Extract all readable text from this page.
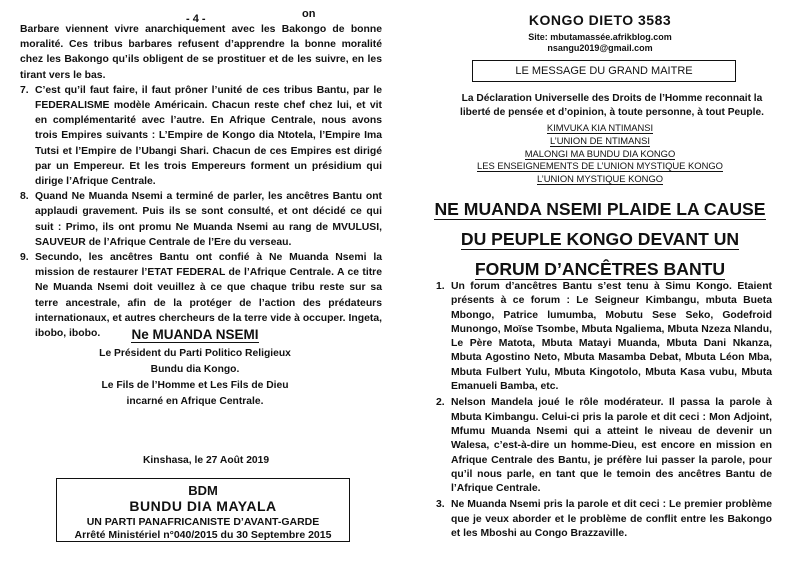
- 4 -	on

Barbare viennent vivre anarchiquement avec les Bakongo de bonne moralité. Ces tribus barbares refusent d’apprendre la bonne moralité chez les Bakongo qu’ils obligent de se prostituer et de les suivre, en les tirant vers le bas.

7. C’est qu’il faut faire, il faut prôner l’unité de ces tribus Bantu, par le FEDERALISME modèle Américain. Chacun reste chef chez lui, et vit en complémentarité avec l’autre. En Afrique Centrale, nous avons trois Empires suivants : L’Empire de Kongo dia Ntotela, l’Empire Ima Tutsi et l’Empire de l’Ubangi Shari. Chacun de ces Empires est dirigé par un Empereur. Et les trois Empereurs forment un présidium qui dirige l’Afrique Centrale.
8. Quand Ne Muanda Nsemi a terminé de parler, les ancêtres Bantu ont applaudi gravement. Puis ils se sont consulté, et ont décidé ce qui suit : Primo, ils ont promu Ne Muanda Nsemi au rang de MVULUSI, SAUVEUR de l’Afrique Centrale de l’Ere du verseau.
9. Secundo, les ancêtres Bantu ont confié à Ne Muanda Nsemi la mission de restaurer l’ETAT FEDERAL de l’Afrique Centrale. A ce titre Ne Muanda Nsemi doit veuillez à ce que chaque tribu reste sur sa terre ancestrale, afin de la protéger de l’action des prédateurs internationaux, et autres chercheurs de la terre vide à occuper. Ingeta, ibobo, ibobo.	Ne MUANDA NSEMI
Le Président du Parti Politico Religieux
Bundu dia Kongo.
Le Fils de l’Homme et Les Fils de Dieu
incarné en Afrique Centrale.
Kinshasa, le 27 Août 2019
BDM
BUNDU DIA MAYALA
UN PARTI PANAFRICANISTE D’AVANT-GARDE
Arrêté Ministériel n°040/2015 du 30 Septembre 2015
KONGO DIETO 3583
Site: mbutamassée.afrikblog.com
nsangu2019@gmail.com
LE MESSAGE DU GRAND MAITRE
La Déclaration Universelle des Droits de l’Homme reconnait la liberté de pensée et d’opinion, à toute personne, à tout Peuple.
KIMVUKA KIA NTIMANSI
L’UNION DE NTIMANSI
MALONGI MA BUNDU DIA KONGO
LES ENSEIGNEMENTS DE L’UNION MYSTIQUE KONGO
L’UNION MYSTIQUE KONGO
NE MUANDA NSEMI PLAIDE LA CAUSE
DU PEUPLE KONGO DEVANT UN
FORUM D’ANCÊTRES BANTU
1. Un forum d’ancêtres Bantu s’est tenu à Simu Kongo. Etaient présents à ce forum : Le Seigneur Kimbangu, mbuta Bueta Mbongo, Patrice lumumba, Mobutu Sese Seko, Godefroid Munongo, Moïse Tsombe, Mbuta Ngaliema, Mbuta Nzeza Nlandu, Le Père Matota, Mbuta Matayi Muanda, Mbuta Dani Nkanza, Mbuta Agostino Neto, Mbuta Masamba Debat, Mbuta Léon Mba, Mbuta Fulbert Yulu, Mbuta Kingotolo, Mbuta Kasa vubu, Mbuta Emanueli Bamba, etc.
2. Nelson Mandela joué le rôle modérateur. Il passa la parole à Mbuta Kimbangu. Celui-ci pris la parole et dit ceci : Mon Adjoint, Mfumu Muanda Nsemi qui a atteint le niveau de devenir un Walesa, c’est-à-dire un homme-Dieu, est encore en mission en Afrique Centrale des Bantu, je préfère lui passer la parole, pour qu’il nous parle, en tant que le temoin des ancêtres Bantu de l’Afrique Centrale.
3. Ne Muanda Nsemi pris la parole et dit ceci : Le premier problème que je veux aborder et le problème de conflit entre les Bakongo et les Mboshi au Congo Brazzaville.
